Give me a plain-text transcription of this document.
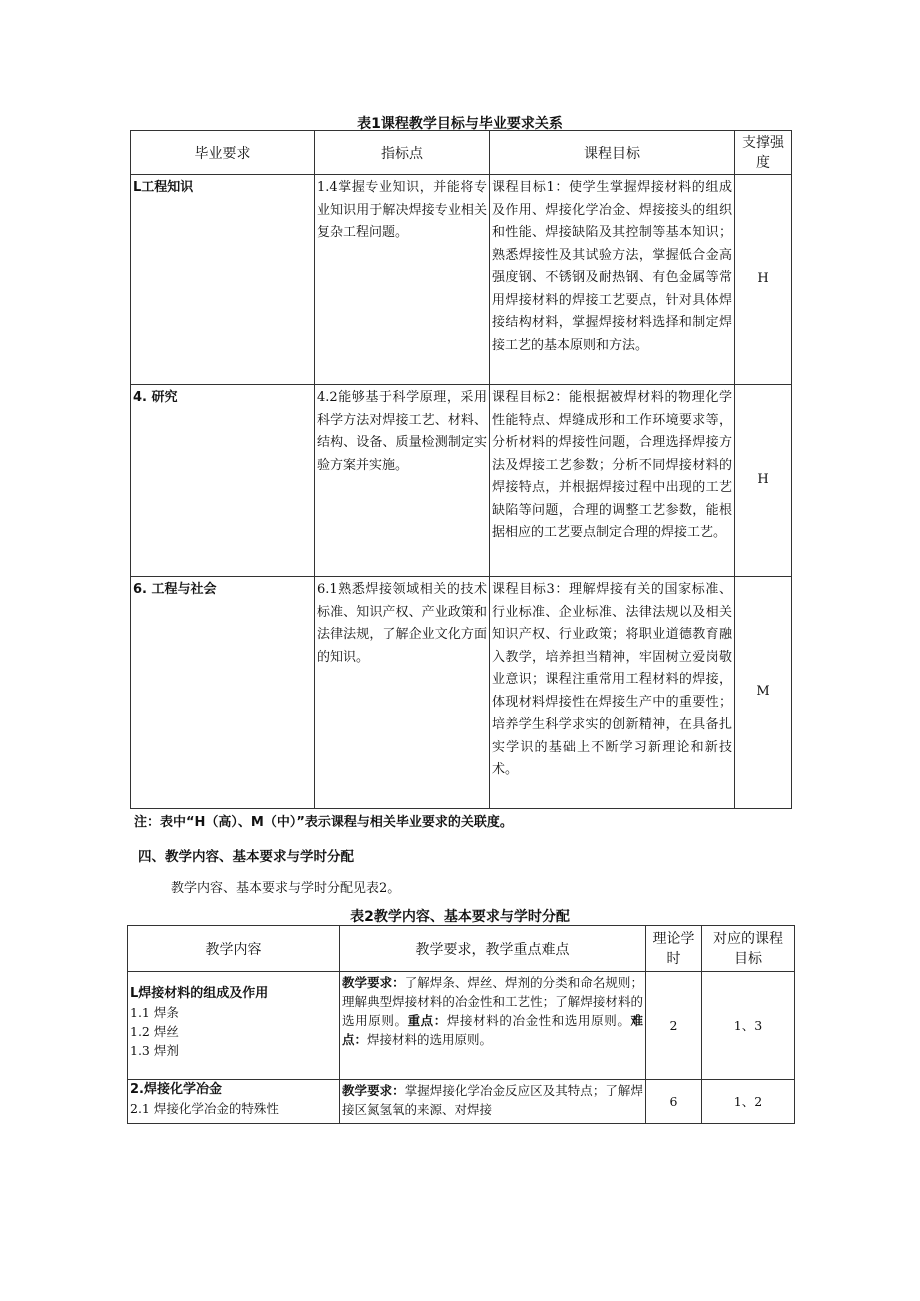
表1课程教学目标与毕业要求关系
毕业要求	指标点	课程目标	支撑强度
L工程知识	1.4掌握专业知识，并能将专业知识用于解决焊接专业相关复杂工程问题。	课程目标1：使学生掌握焊接材料的组成及作用、焊接化学冶金、焊接接头的组织和性能、焊接缺陷及其控制等基本知识；熟悉焊接性及其试验方法，掌握低合金高强度钢、不锈钢及耐热钢、有色金属等常用焊接材料的焊接工艺要点，针对具体焊接结构材料，掌握焊接材料选择和制定焊接工艺的基本原则和方法。	H
4. 研究	4.2能够基于科学原理，采用科学方法对焊接工艺、材料、结构、设备、质量检测制定实验方案并实施。	课程目标2：能根据被焊材料的物理化学性能特点、焊缝成形和工作环境要求等，分析材料的焊接性问题，合理选择焊接方法及焊接工艺参数；分析不同焊接材料的焊接特点，并根据焊接过程中出现的工艺缺陷等问题，合理的调整工艺参数，能根据相应的工艺要点制定合理的焊接工艺。	H
6. 工程与社会	6.1熟悉焊接领域相关的技术标准、知识产权、产业政策和法律法规，了解企业文化方面的知识。	课程目标3：理解焊接有关的国家标准、行业标准、企业标准、法律法规以及相关知识产权、行业政策；将职业道德教育融入教学，培养担当精神，牢固树立爱岗敬业意识；课程注重常用工程材料的焊接，体现材料焊接性在焊接生产中的重要性；培养学生科学求实的创新精神，在具备扎实学识的基础上不断学习新理论和新技术。	M
注：表中“H（高）、M（中）”表示课程与相关毕业要求的关联度。
四、教学内容、基本要求与学时分配
教学内容、基本要求与学时分配见表2。
表2教学内容、基本要求与学时分配
教学内容	教学要求，教学重点难点	理论学时	对应的课程目标

L焊接材料的组成及作用
1.1 焊条
1.2 焊丝
1.3 焊剂	教学要求：了解焊条、焊丝、焊剂的分类和命名规则；理解典型焊接材料的冶金性和工艺性；了解焊接材料的选用原则。重点：焊接材料的冶金性和选用原则。难点：焊接材料的选用原则。	2	1、3

2.焊接化学冶金
2.1 焊接化学冶金的特殊性	教学要求：掌握焊接化学冶金反应区及其特点；了解焊接区氮氢氧的来源、对焊接	6	1、2
